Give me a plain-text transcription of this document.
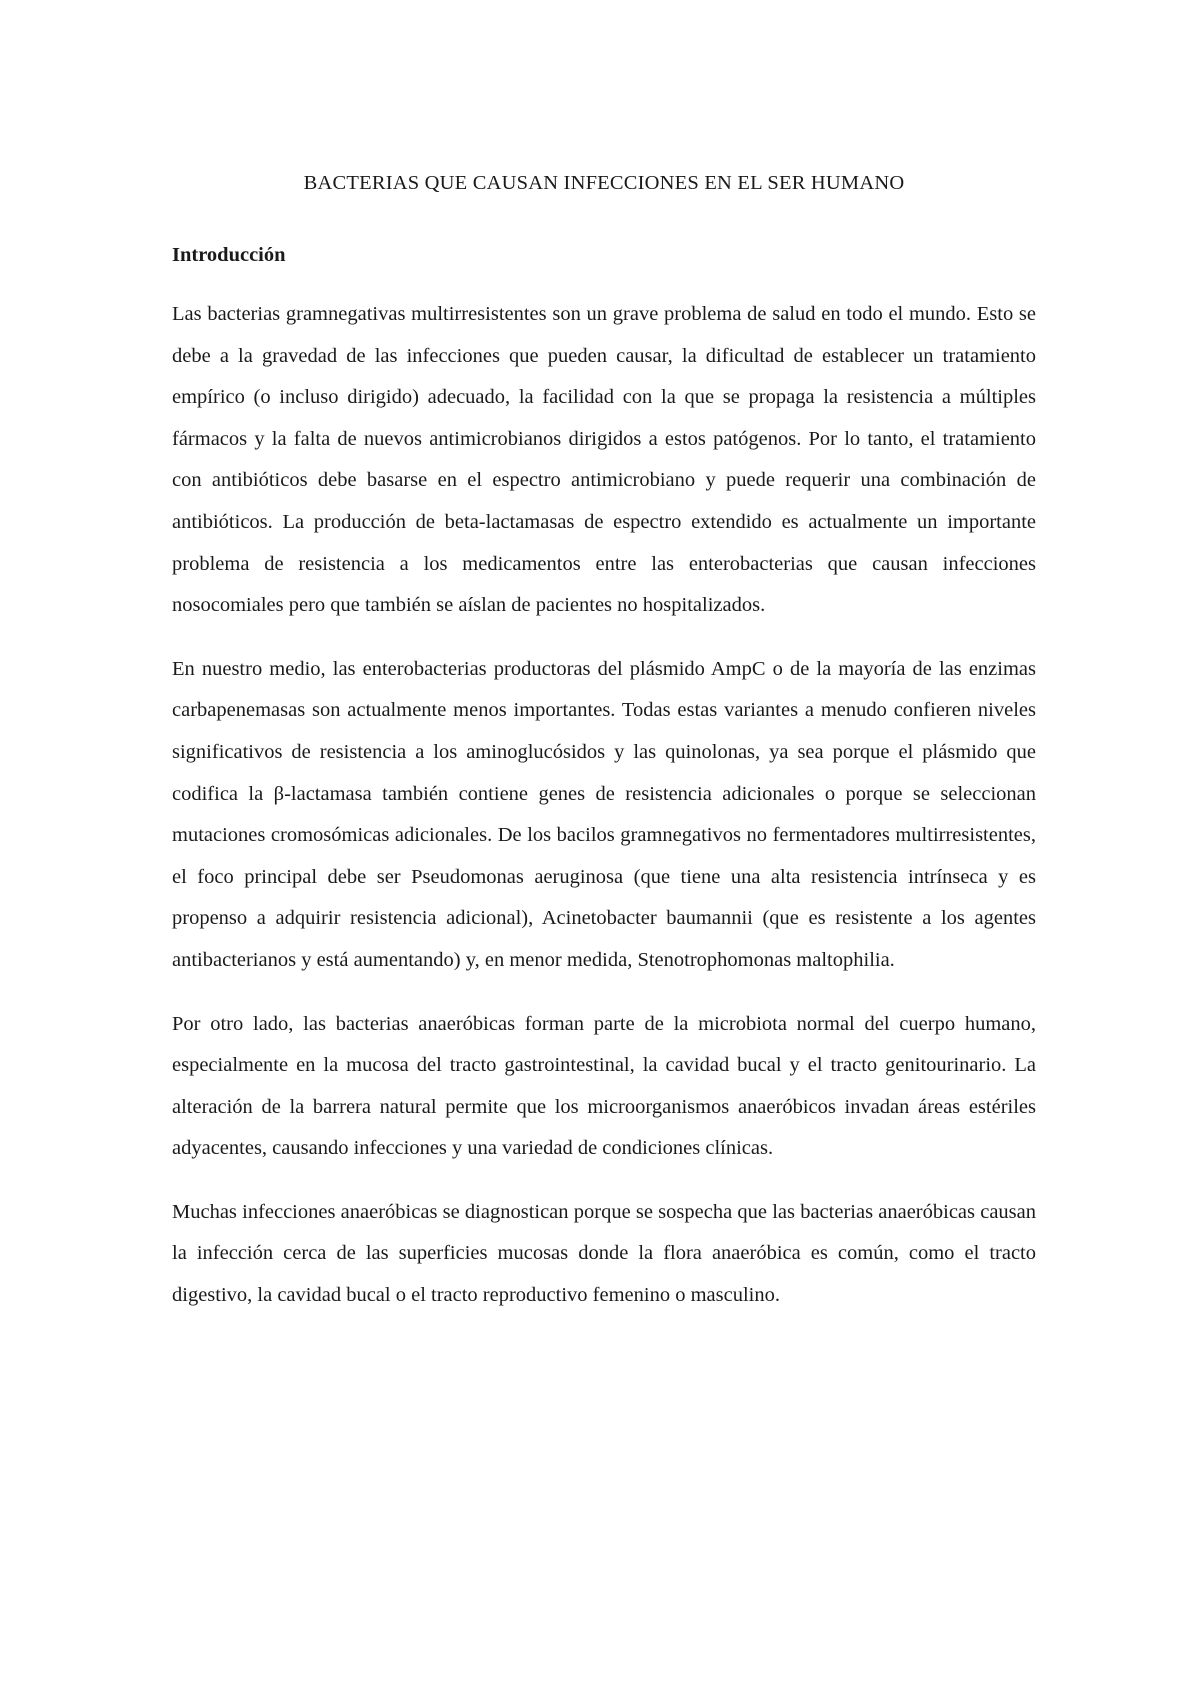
BACTERIAS QUE CAUSAN INFECCIONES EN EL SER HUMANO
Introducción

Las bacterias gramnegativas multirresistentes son un grave problema de salud en todo el mundo. Esto se debe a la gravedad de las infecciones que pueden causar, la dificultad de establecer un tratamiento empírico (o incluso dirigido) adecuado, la facilidad con la que se propaga la resistencia a múltiples fármacos y la falta de nuevos antimicrobianos dirigidos a estos patógenos. Por lo tanto, el tratamiento con antibióticos debe basarse en el espectro antimicrobiano y puede requerir una combinación de antibióticos. La producción de beta-lactamasas de espectro extendido es actualmente un importante problema de resistencia a los medicamentos entre las enterobacterias que causan infecciones nosocomiales pero que también se aíslan de pacientes no hospitalizados.

En nuestro medio, las enterobacterias productoras del plásmido AmpC o de la mayoría de las enzimas carbapenemasas son actualmente menos importantes. Todas estas variantes a menudo confieren niveles significativos de resistencia a los aminoglucósidos y las quinolonas, ya sea porque el plásmido que codifica la β-lactamasa también contiene genes de resistencia adicionales o porque se seleccionan mutaciones cromosómicas adicionales. De los bacilos gramnegativos no fermentadores multirresistentes, el foco principal debe ser Pseudomonas aeruginosa (que tiene una alta resistencia intrínseca y es propenso a adquirir resistencia adicional), Acinetobacter baumannii (que es resistente a los agentes antibacterianos y está aumentando) y, en menor medida, Stenotrophomonas maltophilia.

Por otro lado, las bacterias anaeróbicas forman parte de la microbiota normal del cuerpo humano, especialmente en la mucosa del tracto gastrointestinal, la cavidad bucal y el tracto genitourinario. La alteración de la barrera natural permite que los microorganismos anaeróbicos invadan áreas estériles adyacentes, causando infecciones y una variedad de condiciones clínicas.

Muchas infecciones anaeróbicas se diagnostican porque se sospecha que las bacterias anaeróbicas causan la infección cerca de las superficies mucosas donde la flora anaeróbica es común, como el tracto digestivo, la cavidad bucal o el tracto reproductivo femenino o masculino.
